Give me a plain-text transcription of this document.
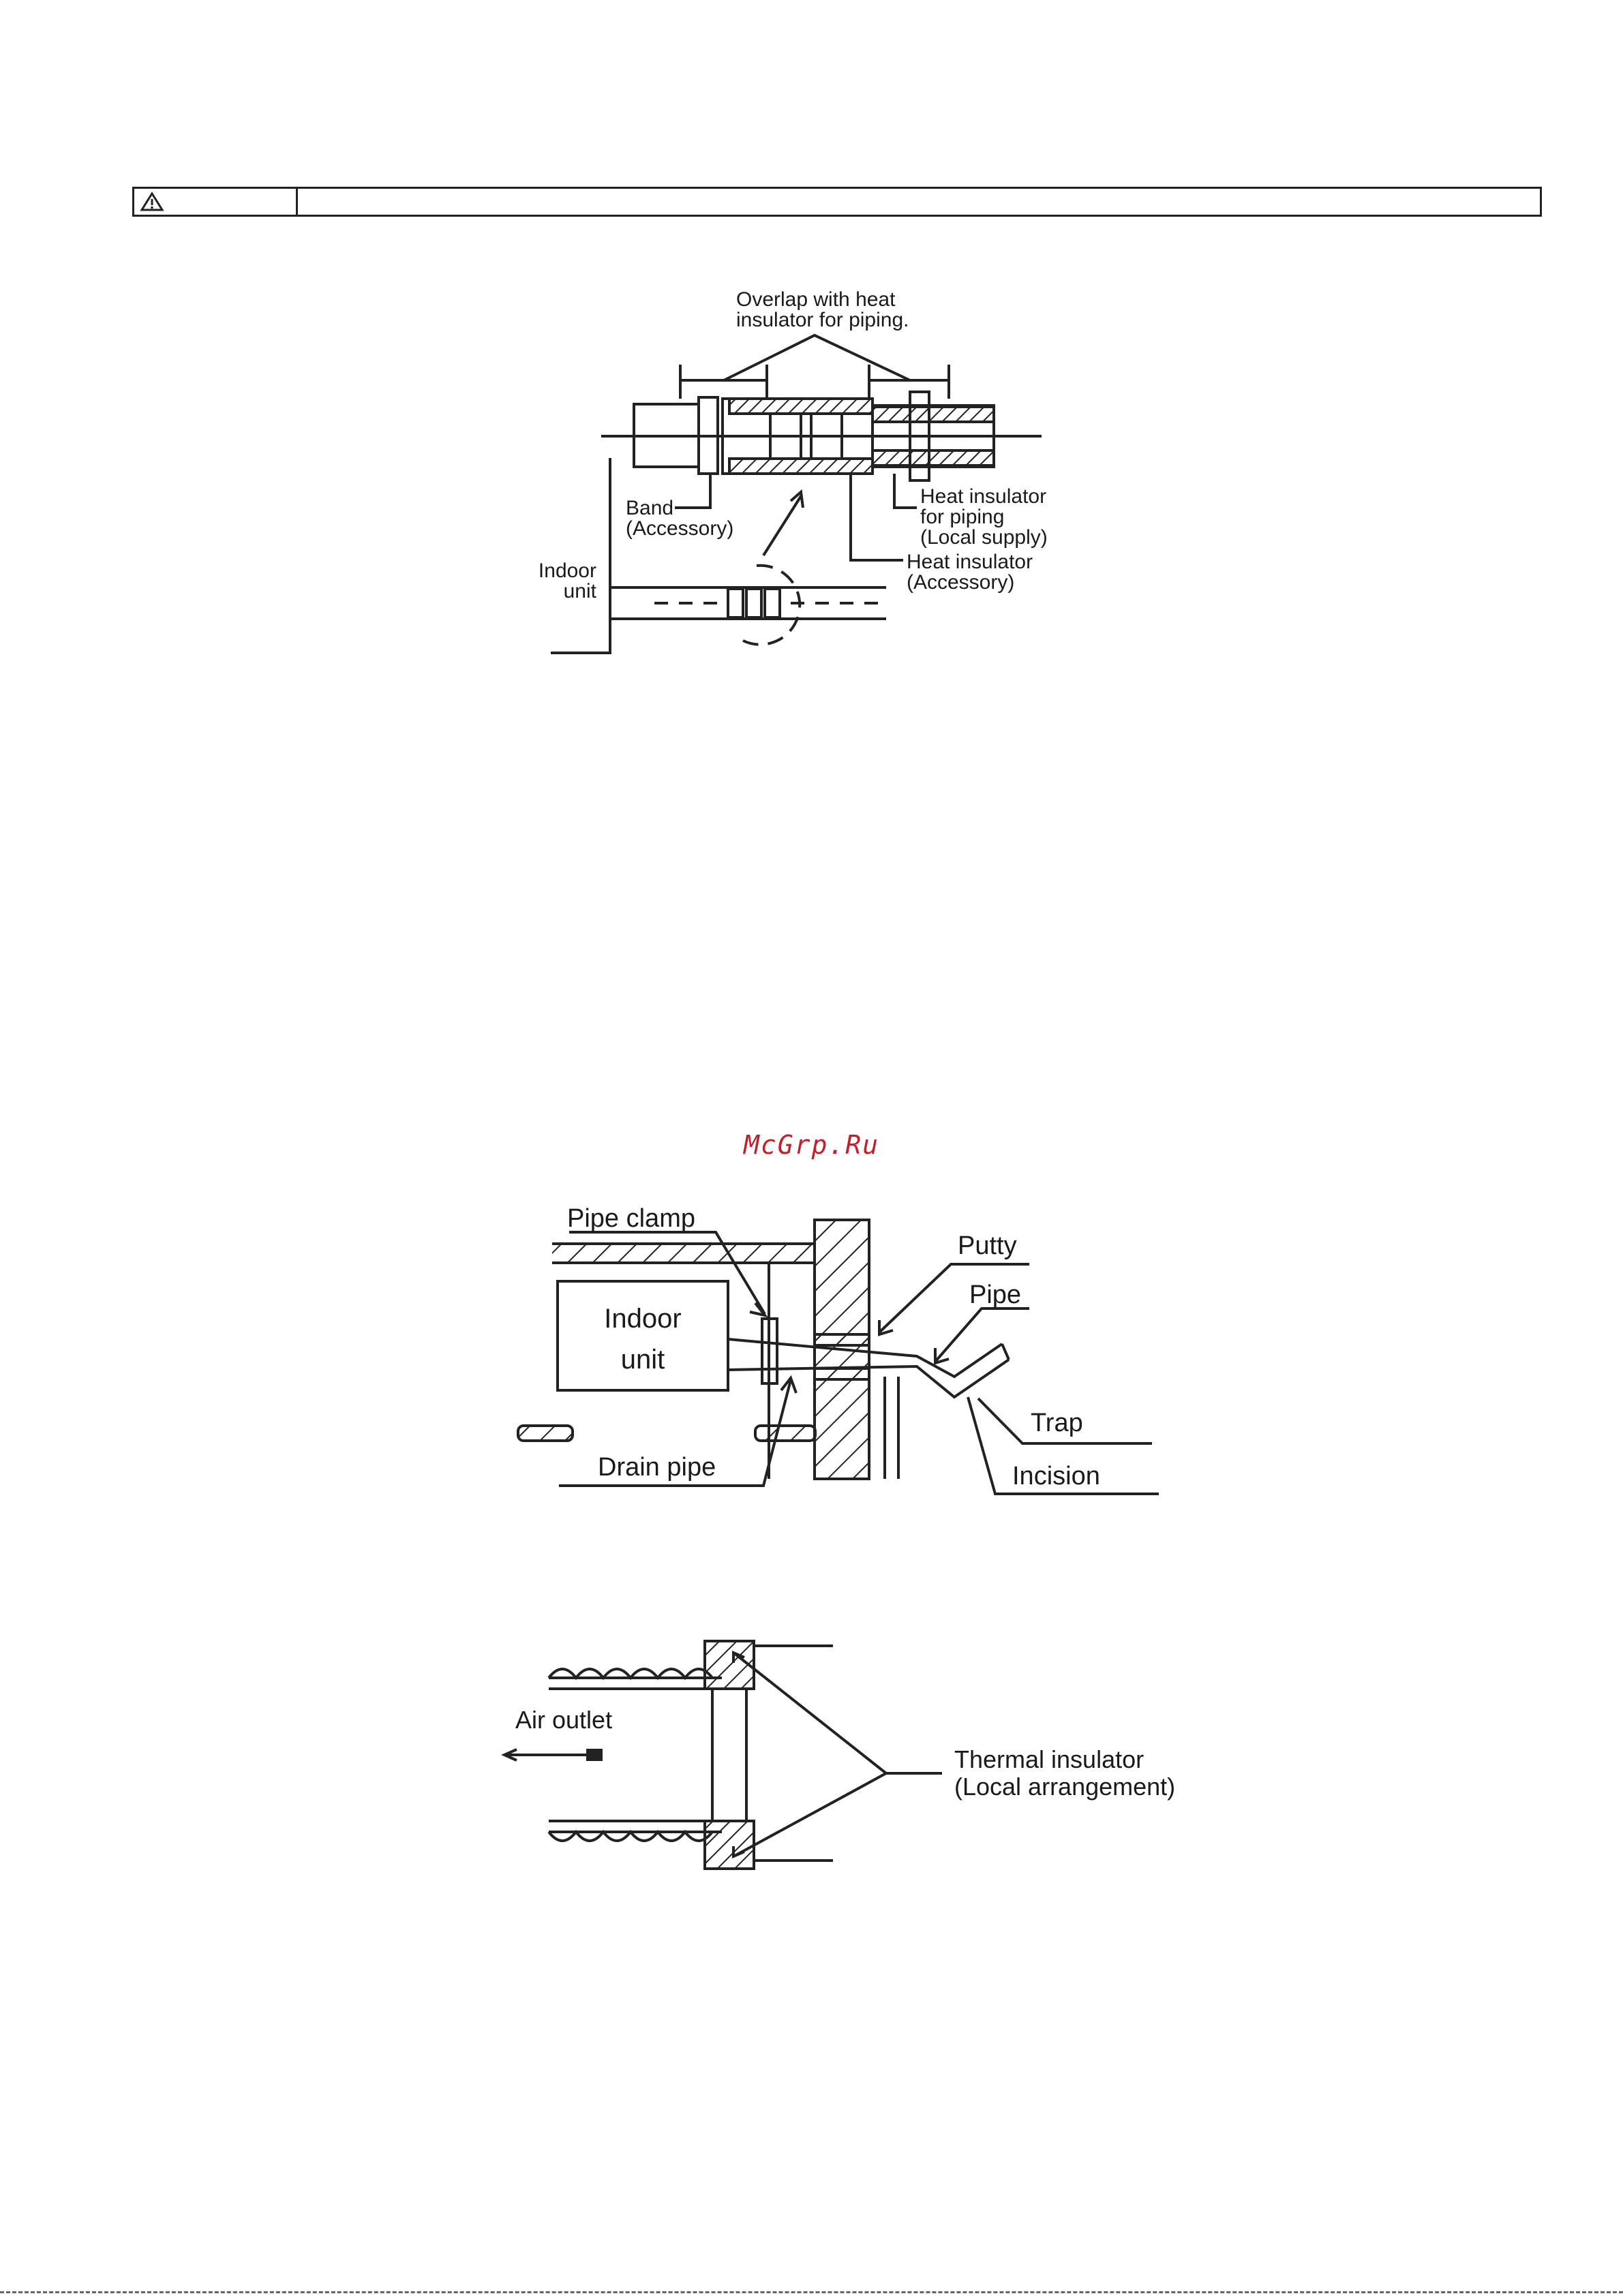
Overlap with heat
insulator for piping.
Band
(Accessory)
Indoor
unit
Heat insulator
for piping
(Local supply)
Heat insulator
(Accessory)
McGrp.Ru
Pipe clamp
Indoor
unit
Putty
Pipe
Trap
Incision
Drain pipe
Air outlet
Thermal insulator
(Local arrangement)
